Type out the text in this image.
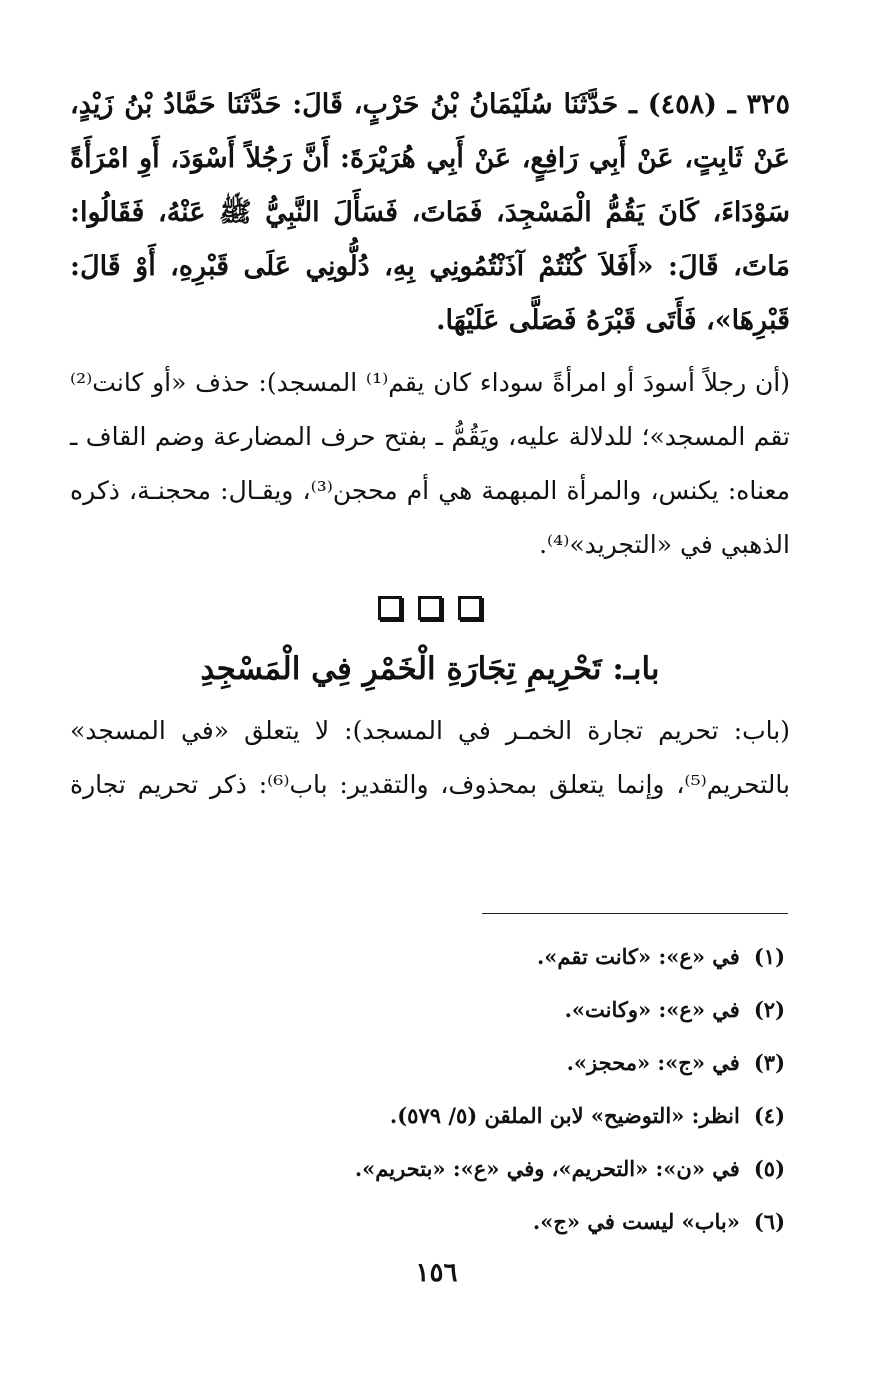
٣٢٥ ـ (٤٥٨) ـ حَدَّثَنَا سُلَيْمَانُ بْنُ حَرْبٍ، قَالَ: حَدَّثَنَا حَمَّادُ بْنُ زَيْدٍ، عَنْ ثَابِتٍ، عَنْ أَبِي رَافِعٍ، عَنْ أَبِي هُرَيْرَةَ: أَنَّ رَجُلاً أَسْوَدَ، أَوِ امْرَأَةً سَوْدَاءَ، كَانَ يَقُمُّ الْمَسْجِدَ، فَمَاتَ، فَسَأَلَ النَّبِيُّ ﷺ عَنْهُ، فَقَالُوا: مَاتَ، قَالَ: «أَفَلاَ كُنْتُمْ آذَنْتُمُونِي بِهِ، دُلُّونِي عَلَى قَبْرِهِ، أَوْ قَالَ: قَبْرِهَا»، فَأَتَى قَبْرَهُ فَصَلَّى عَلَيْهَا.

(أن رجلاً أسودَ أو امرأةً سوداء كان يقم⁽¹⁾ المسجد): حذف «أو كانت⁽²⁾ تقم المسجد»؛ للدلالة عليه، ويَقُمُّ ـ بفتح حرف المضارعة وضم القاف ـ معناه: يكنس، والمرأة المبهمة هي أم محجن⁽³⁾، ويقـال: محجنـة، ذكره الذهبي في «التجريد»⁽⁴⁾.

بابـ: تَحْرِيمِ تِجَارَةِ الْخَمْرِ فِي الْمَسْجِدِ

(باب: تحريم تجارة الخمـر في المسجد): لا يتعلق «في المسجد» بالتحريم⁽⁵⁾، وإنما يتعلق بمحذوف، والتقدير: باب⁽⁶⁾: ذكر تحريم تجارة

(١)في «ع»: «كانت تقم».
(٢)في «ع»: «وكانت».
(٣)في «ج»: «محجز».
(٤)انظر: «التوضيح» لابن الملقن (٥/ ٥٧٩).
(٥)في «ن»: «التحريم»، وفي «ع»: «بتحريم».
(٦)«باب» ليست في «ج».
١٥٦
